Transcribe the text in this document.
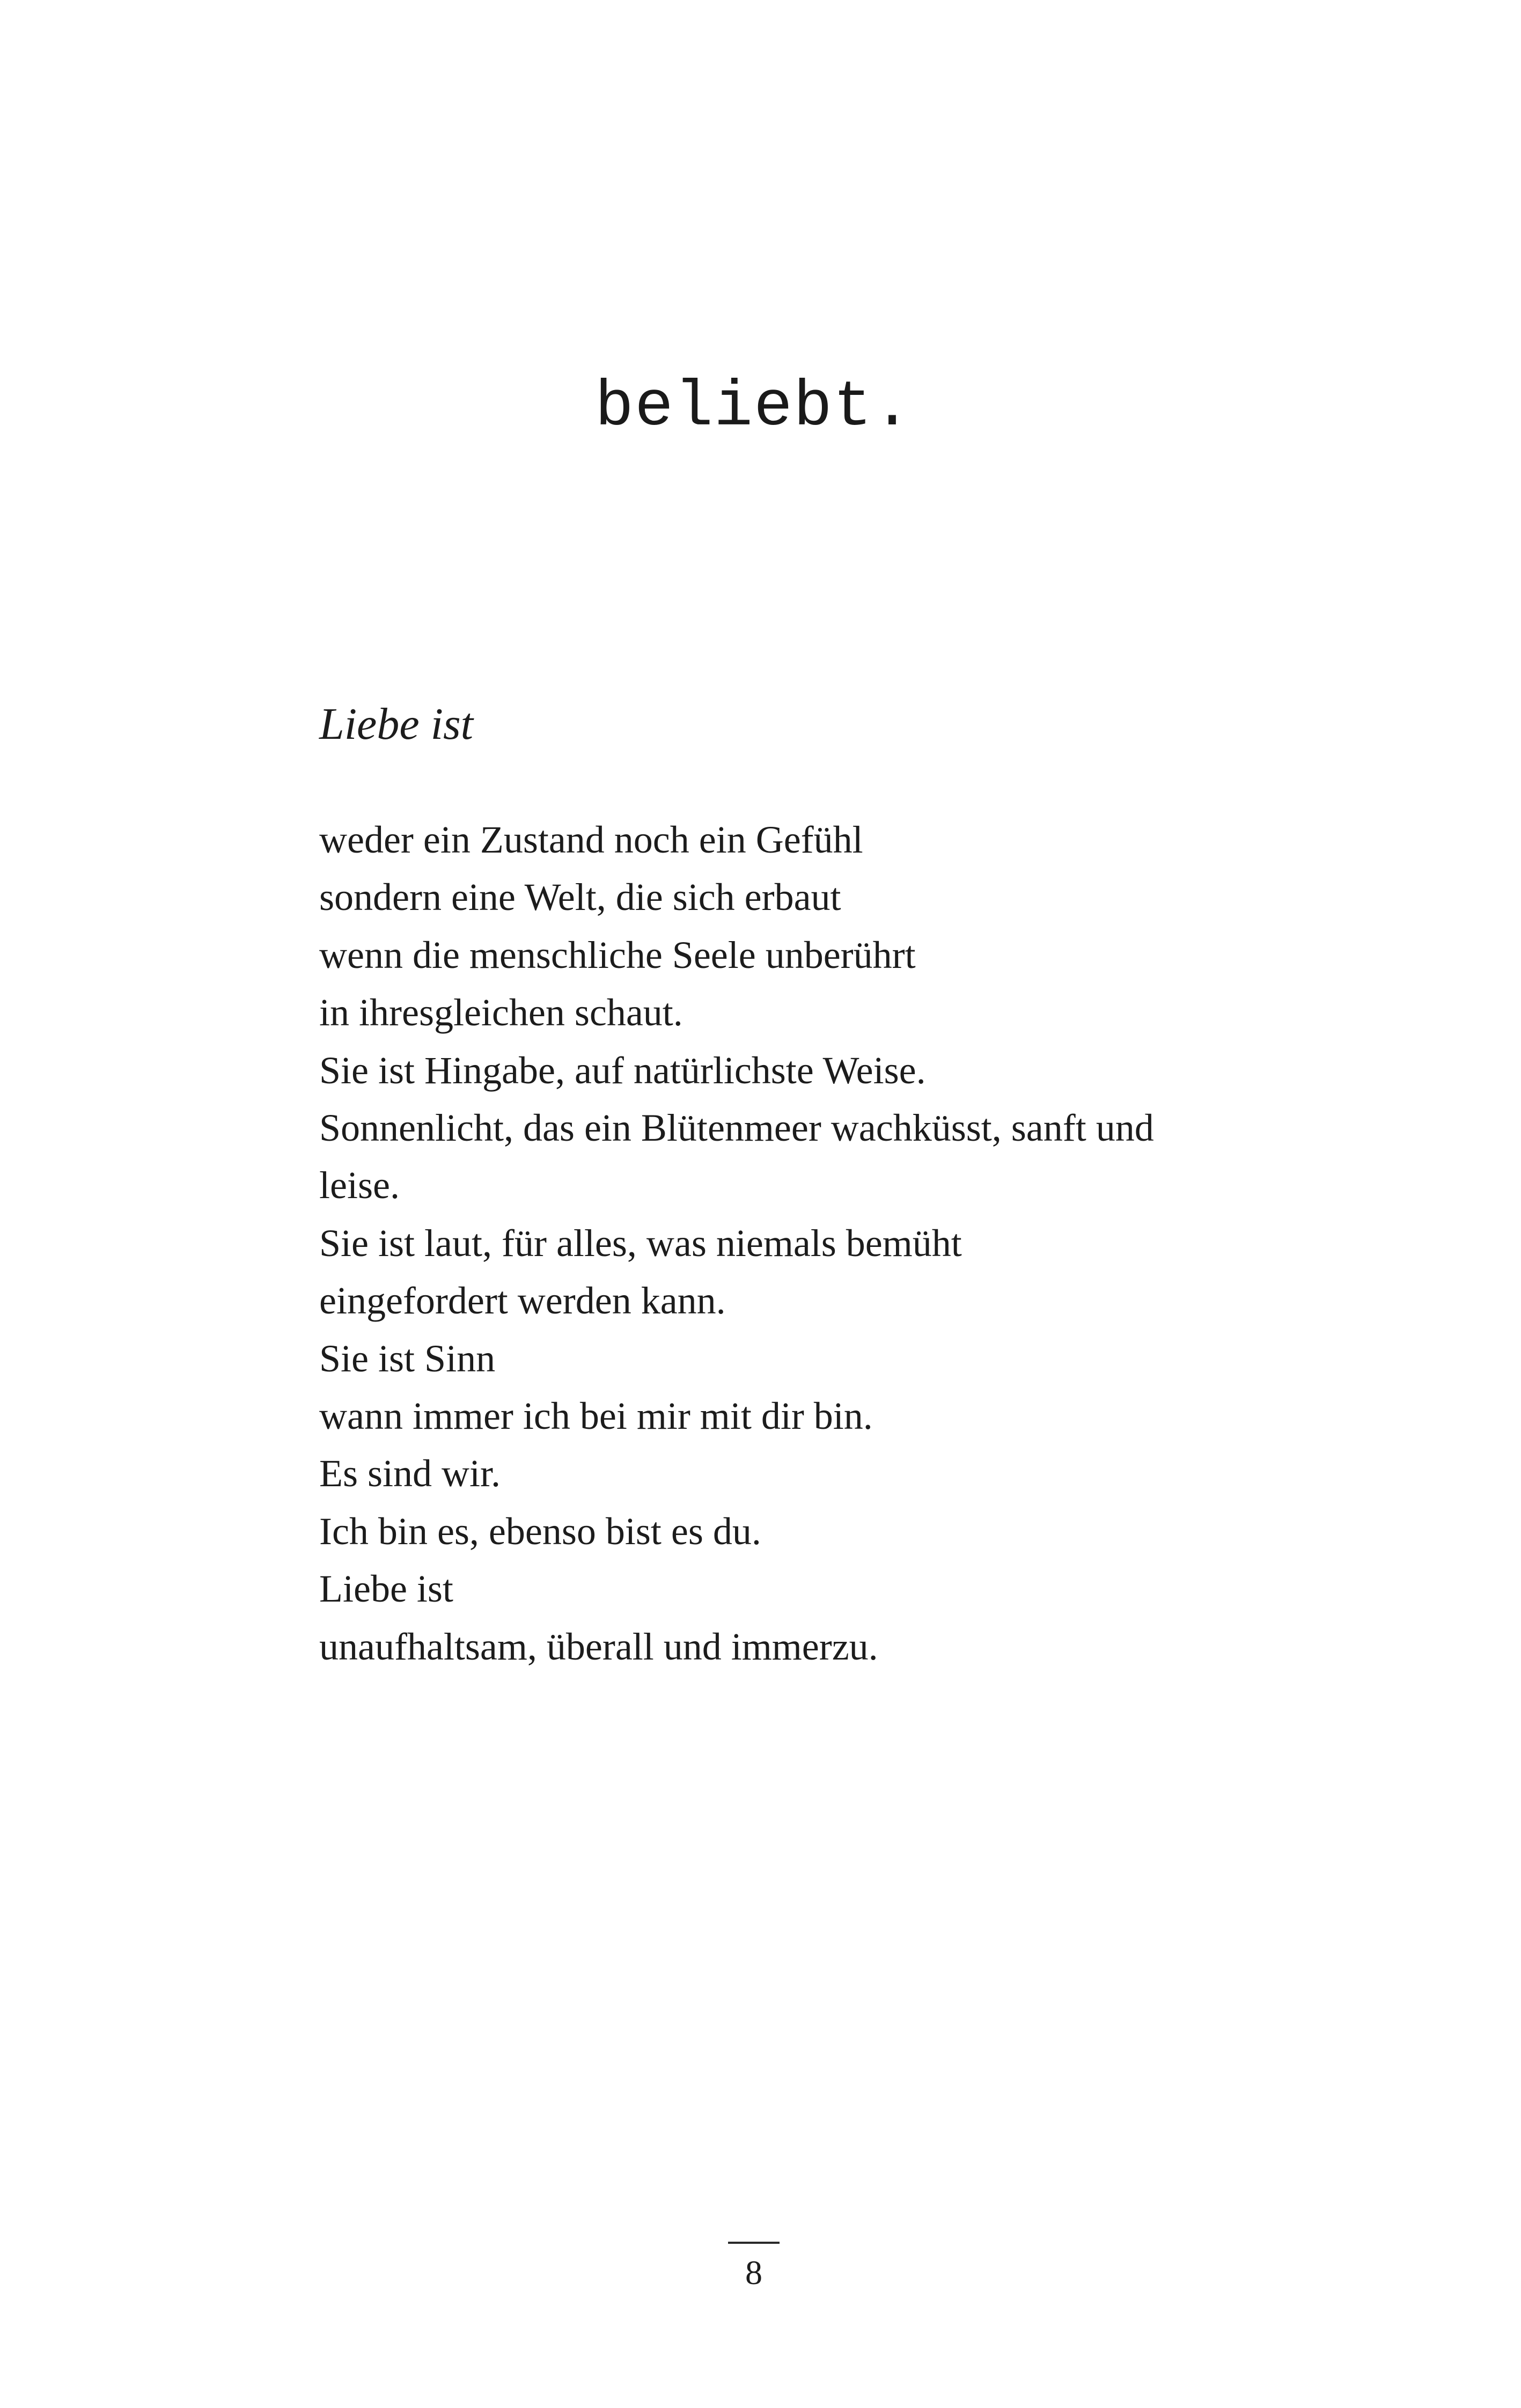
beliebt.

Liebe ist

weder ein Zustand noch ein Gefühl
sondern eine Welt, die sich erbaut
wenn die menschliche Seele unberührt
in ihresgleichen schaut.
Sie ist Hingabe, auf natürlichste Weise.
Sonnenlicht, das ein Blütenmeer wachküsst, sanft und
leise.
Sie ist laut, für alles, was niemals bemüht
eingefordert werden kann.
Sie ist Sinn
wann immer ich bei mir mit dir bin.
Es sind wir.
Ich bin es, ebenso bist es du.
Liebe ist
unaufhaltsam, überall und immerzu.
8
